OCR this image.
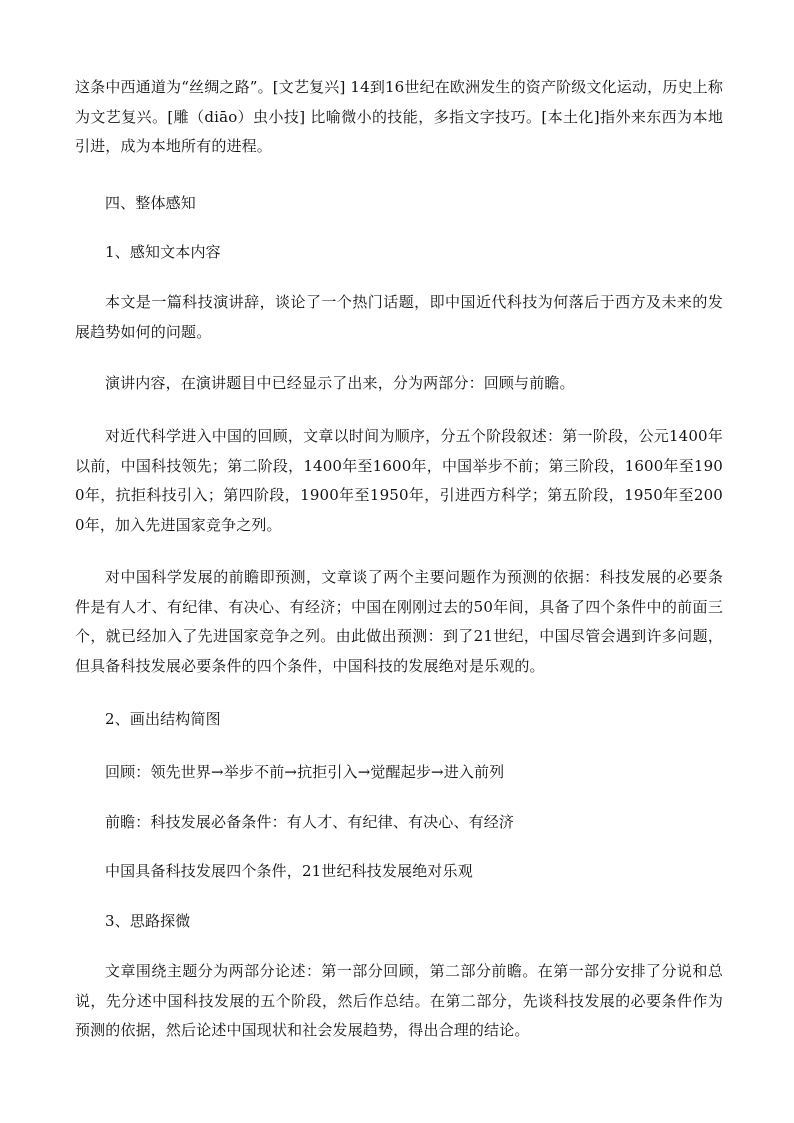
这条中西通道为“丝绸之路”。[文艺复兴] 14到16世纪在欧洲发生的资产阶级文化运动，历史上称为文艺复兴。[雕（diāo）虫小技] 比喻微小的技能，多指文字技巧。[本土化]指外来东西为本地引进，成为本地所有的进程。

四、整体感知

1、感知文本内容

本文是一篇科技演讲辞，谈论了一个热门话题，即中国近代科技为何落后于西方及未来的发展趋势如何的问题。

演讲内容，在演讲题目中已经显示了出来，分为两部分：回顾与前瞻。

对近代科学进入中国的回顾，文章以时间为顺序，分五个阶段叙述：第一阶段，公元1400年以前，中国科技领先；第二阶段，1400年至1600年，中国举步不前；第三阶段，1600年至1900年，抗拒科技引入；第四阶段，1900年至1950年，引进西方科学；第五阶段，1950年至2000年，加入先进国家竞争之列。

对中国科学发展的前瞻即预测，文章谈了两个主要问题作为预测的依据：科技发展的必要条件是有人才、有纪律、有决心、有经济；中国在刚刚过去的50年间，具备了四个条件中的前面三个，就已经加入了先进国家竞争之列。由此做出预测：到了21世纪，中国尽管会遇到许多问题，但具备科技发展必要条件的四个条件，中国科技的发展绝对是乐观的。

2、画出结构简图

回顾：领先世界→举步不前→抗拒引入→觉醒起步→进入前列

前瞻：科技发展必备条件：有人才、有纪律、有决心、有经济

中国具备科技发展四个条件，21世纪科技发展绝对乐观

3、思路探微

文章围绕主题分为两部分论述：第一部分回顾，第二部分前瞻。在第一部分安排了分说和总说，先分述中国科技发展的五个阶段，然后作总结。在第二部分，先谈科技发展的必要条件作为预测的依据，然后论述中国现状和社会发展趋势，得出合理的结论。
